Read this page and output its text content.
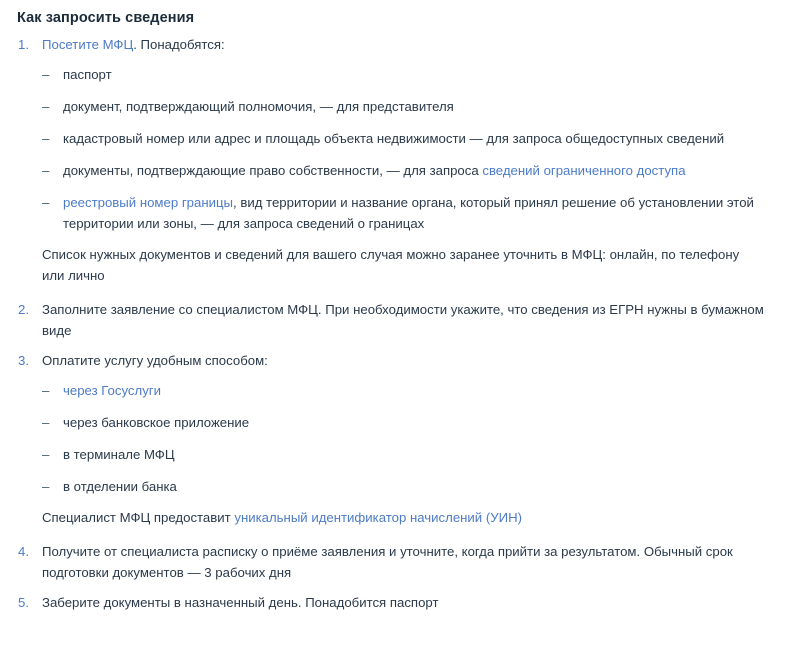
Как запросить сведения
1. Посетите МФЦ. Понадобятся:
– паспорт
– документ, подтверждающий полномочия, — для представителя
– кадастровый номер или адрес и площадь объекта недвижимости — для запроса общедоступных сведений
– документы, подтверждающие право собственности, — для запроса сведений ограниченного доступа
– реестровый номер границы, вид территории и название органа, который принял решение об установлении этой территории или зоны, — для запроса сведений о границах

Список нужных документов и сведений для вашего случая можно заранее уточнить в МФЦ: онлайн, по телефону или лично

2. Заполните заявление со специалистом МФЦ. При необходимости укажите, что сведения из ЕГРН нужны в бумажном виде
3. Оплатите услугу удобным способом:
– через Госуслуги
– через банковское приложение
– в терминале МФЦ
– в отделении банка

Специалист МФЦ предоставит уникальный идентификатор начислений (УИН)

4. Получите от специалиста расписку о приёме заявления и уточните, когда прийти за результатом. Обычный срок подготовки документов — 3 рабочих дня
5. Заберите документы в назначенный день. Понадобится паспорт
